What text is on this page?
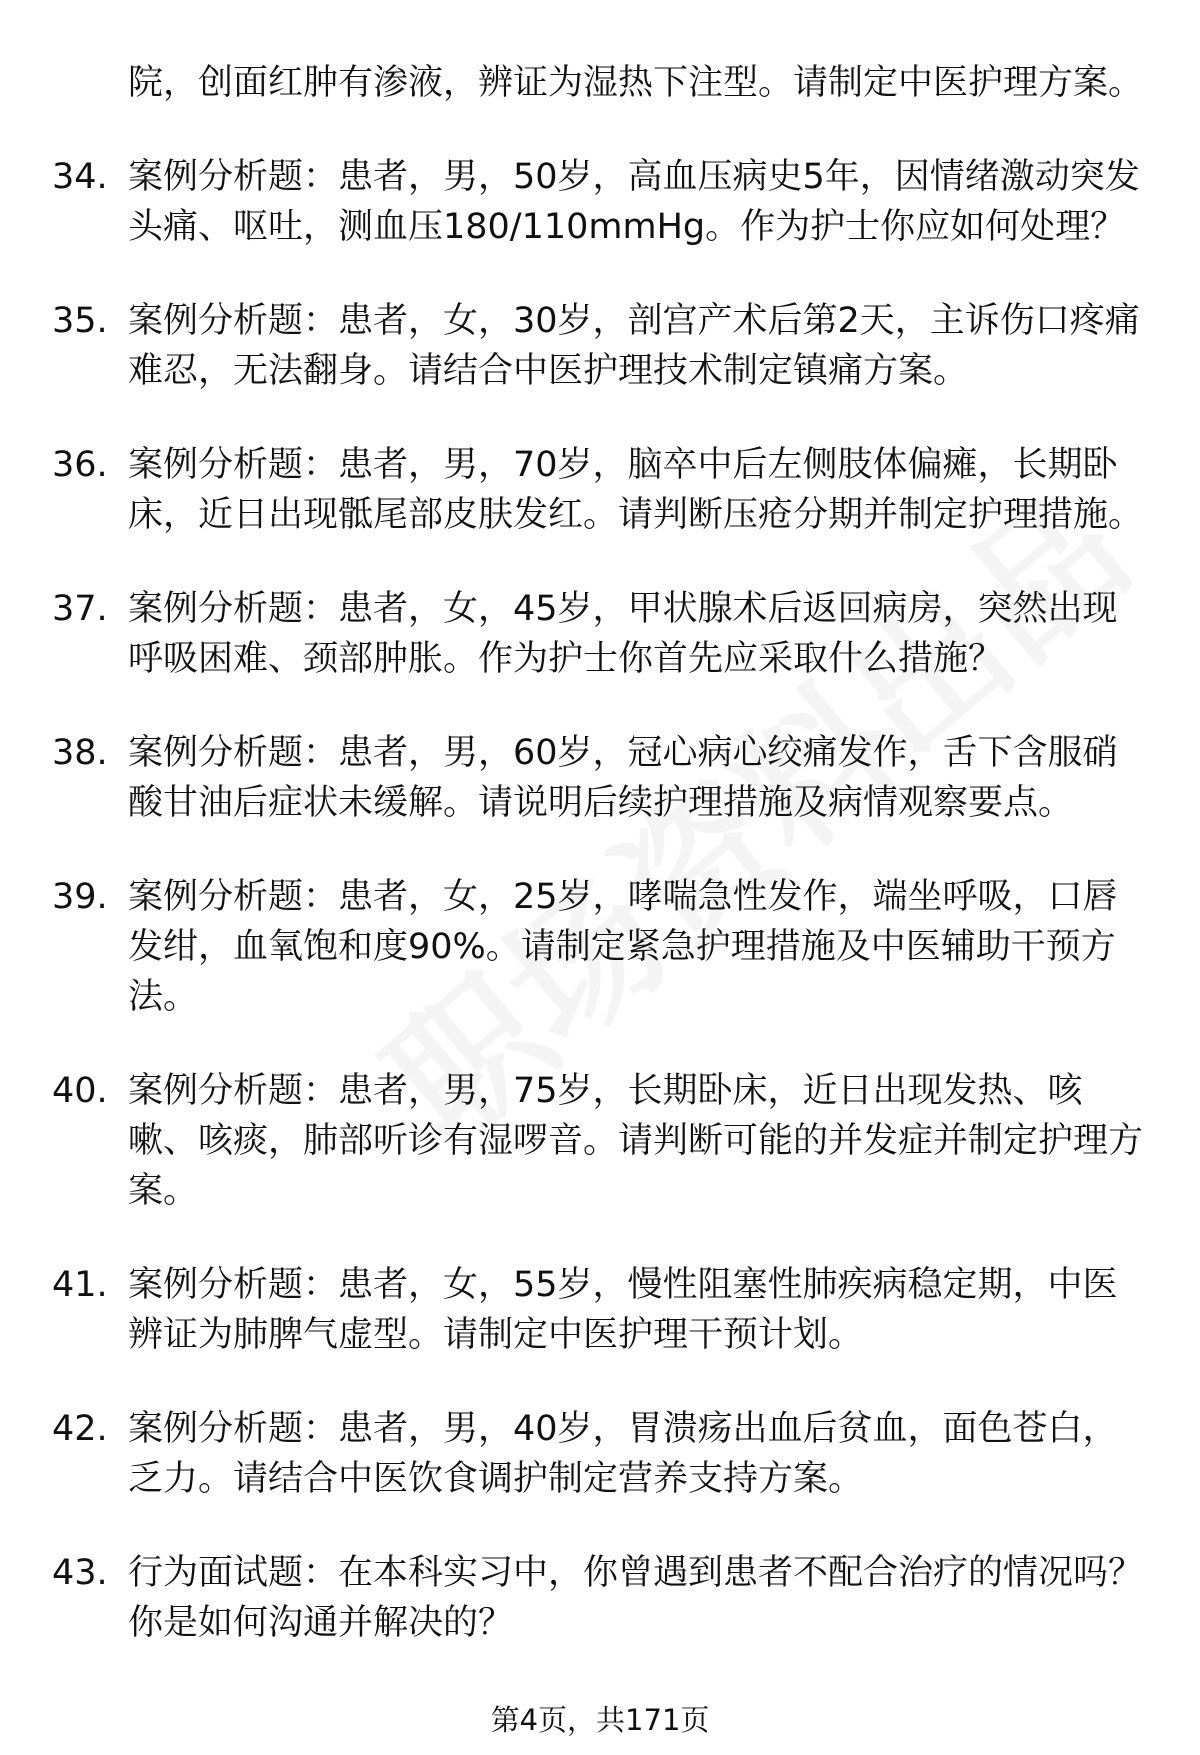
院，创面红肿有渗液，辨证为湿热下注型。请制定中医护理方案。
34. 案例分析题：患者，男，50岁，高血压病史5年，因情绪激动突发头痛、呕吐，测血压180/110mmHg。作为护士你应如何处理？
35. 案例分析题：患者，女，30岁，剖宫产术后第2天，主诉伤口疼痛难忍，无法翻身。请结合中医护理技术制定镇痛方案。
36. 案例分析题：患者，男，70岁，脑卒中后左侧肢体偏瘫，长期卧床，近日出现骶尾部皮肤发红。请判断压疮分期并制定护理措施。
37. 案例分析题：患者，女，45岁，甲状腺术后返回病房，突然出现呼吸困难、颈部肿胀。作为护士你首先应采取什么措施？
38. 案例分析题：患者，男，60岁，冠心病心绞痛发作，舌下含服硝酸甘油后症状未缓解。请说明后续护理措施及病情观察要点。
39. 案例分析题：患者，女，25岁，哮喘急性发作，端坐呼吸，口唇发绀，血氧饱和度90%。请制定紧急护理措施及中医辅助干预方法。
40. 案例分析题：患者，男，75岁，长期卧床，近日出现发热、咳嗽、咳痰，肺部听诊有湿啰音。请判断可能的并发症并制定护理方案。
41. 案例分析题：患者，女，55岁，慢性阻塞性肺疾病稳定期，中医辨证为肺脾气虚型。请制定中医护理干预计划。
42. 案例分析题：患者，男，40岁，胃溃疡出血后贫血，面色苍白，乏力。请结合中医饮食调护制定营养支持方案。
43. 行为面试题：在本科实习中，你曾遇到患者不配合治疗的情况吗？你是如何沟通并解决的？
第4页，共171页
